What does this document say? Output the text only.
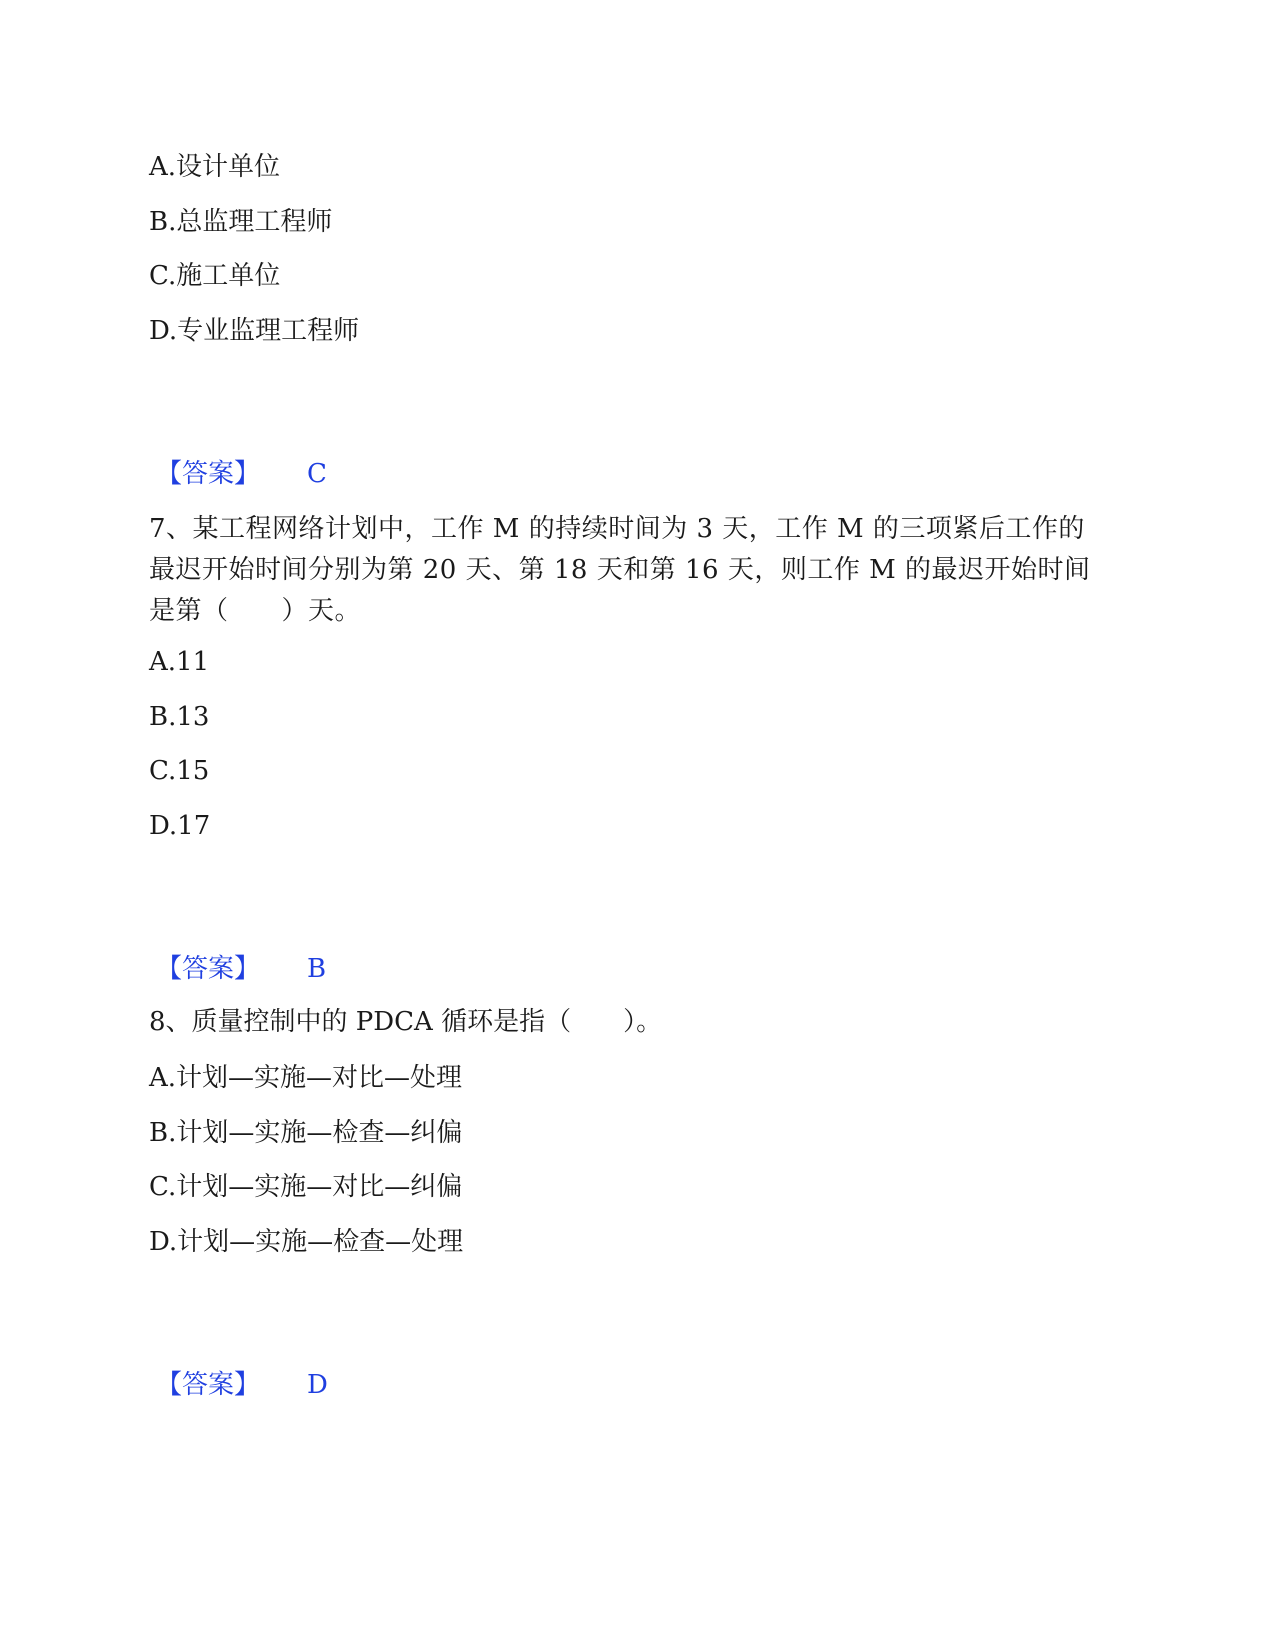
A.设计单位
B.总监理工程师
C.施工单位
D.专业监理工程师
【答案】 C
7、某工程网络计划中，工作 M 的持续时间为 3 天，工作 M 的三项紧后工作的最迟开始时间分别为第 20 天、第 18 天和第 16 天，则工作 M 的最迟开始时间是第（　　）天。
A.11
B.13
C.15
D.17
【答案】 B
8、质量控制中的 PDCA 循环是指（　　）。
A.计划—实施—对比—处理
B.计划—实施—检查—纠偏
C.计划—实施—对比—纠偏
D.计划—实施—检查—处理
【答案】 D
